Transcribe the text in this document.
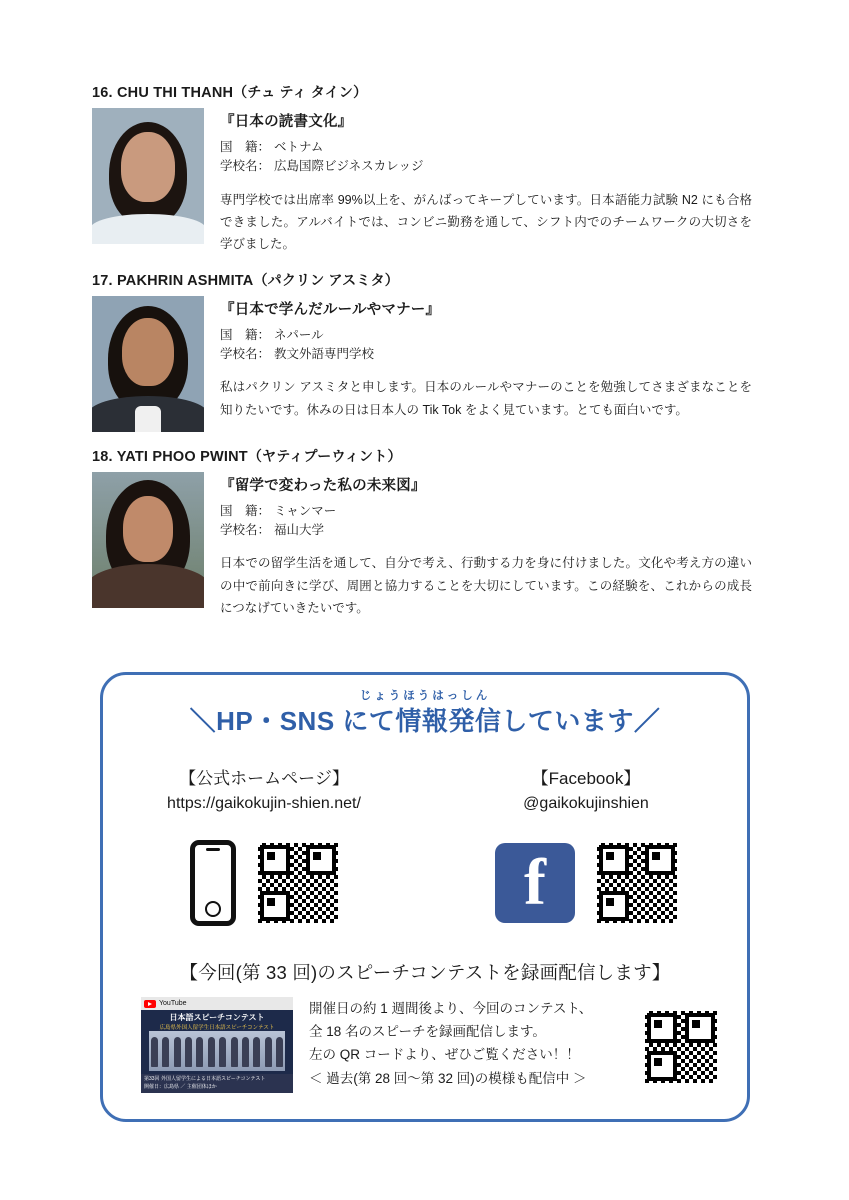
16. CHU THI THANH（チュ ティ タイン）
『日本の読書文化』
国　籍： ベトナム
学校名： 広島国際ビジネスカレッジ
専門学校では出席率 99%以上を、がんばってキープしています。日本語能力試験 N2 にも合格できました。アルバイトでは、コンビニ勤務を通して、シフト内でのチームワークの大切さを学びました。
17. PAKHRIN ASHMITA（パクリン アスミタ）
『日本で学んだルールやマナー』
国　籍： ネパール
学校名： 教文外語専門学校
私はパクリン アスミタと申します。日本のルールやマナーのことを勉強してさまざまなことを知りたいです。休みの日は日本人の Tik Tok をよく見ています。とても面白いです。
18. YATI PHOO PWINT（ヤティプーウィント）
『留学で変わった私の未来図』
国　籍： ミャンマー
学校名： 福山大学
日本での留学生活を通して、自分で考え、行動する力を身に付けました。文化や考え方の違いの中で前向きに学び、周囲と協力することを大切にしています。この経験を、これからの成長につなげていきたいです。
じょうほうはっしん
＼HP・SNS にて情報発信しています／
【公式ホームページ】
https://gaikokujin-shien.net/
【Facebook】
@gaikokujinshien
f
【今回(第 33 回)のスピーチコンテストを録画配信します】
YouTube
日本語スピーチコンテスト
広島県外国人留学生日本語スピーチコンテスト
第33回 外国人留学生による日本語スピーチコンテスト
開催日：広島県 ／ 主催団体ほか
開催日の約 1 週間後より、今回のコンテスト、
全 18 名のスピーチを録画配信します。
左の QR コードより、ぜひご覧ください！！
＜ 過去(第 28 回〜第 32 回)の模様も配信中 ＞
